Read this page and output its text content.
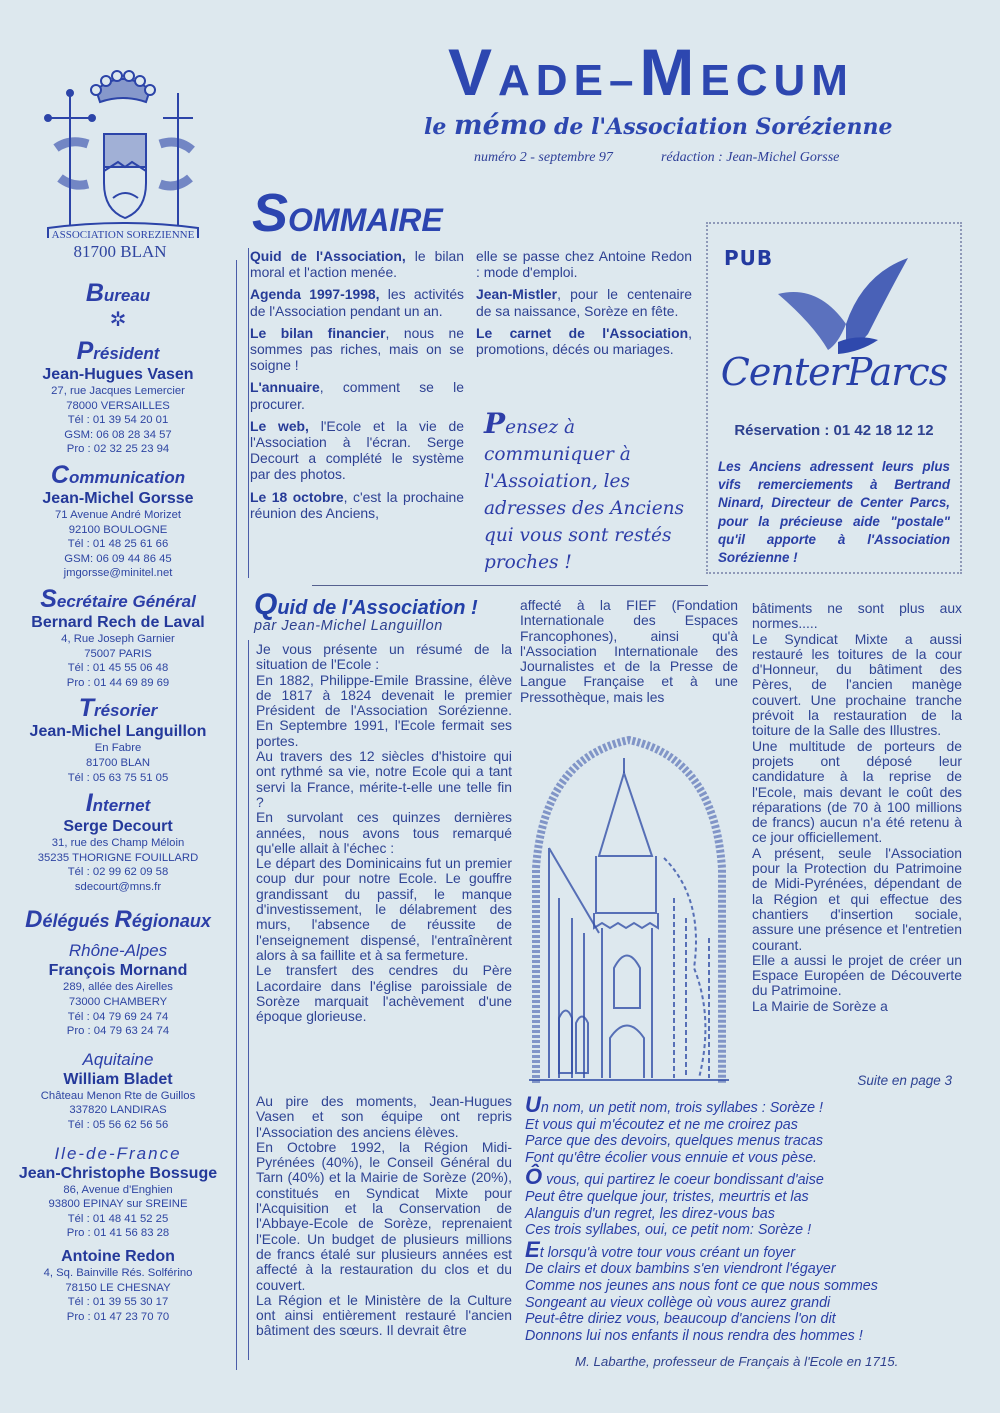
ASSOCIATION SOREZIENNE
81700 BLAN
Bureau
✲
Président
Jean-Hugues Vasen
27, rue Jacques Lemercier
78000 VERSAILLES
Tél : 01 39 54 20 01
GSM: 06 08 28 34 57
Pro : 02 32 25 23 94
Communication
Jean-Michel Gorsse
71 Avenue André Morizet
92100 BOULOGNE
Tél : 01 48 25 61 66
GSM: 06 09 44 86 45
jmgorsse@minitel.net
Secrétaire Général
Bernard Rech de Laval
4, Rue Joseph Garnier
75007 PARIS
Tél : 01 45 55 06 48
Pro : 01 44 69 89 69
Trésorier
Jean-Michel Languillon
En Fabre
81700 BLAN
Tél : 05 63 75 51 05
Internet
Serge Decourt
31, rue des Champ Méloin
35235 THORIGNE FOUILLARD
Tél : 02 99 62 09 58
sdecourt@mns.fr
Délégués Régionaux
Rhône-Alpes
François Mornand
289, allée des Airelles
73000 CHAMBERY
Tél : 04 79 69 24 74
Pro : 04 79 63 24 74
Aquitaine
William Bladet
Château Menon Rte de Guillos
337820 LANDIRAS
Tél : 05 56 62 56 56
Ile-de-France
Jean-Christophe Bossuge
86, Avenue d'Enghien
93800 EPINAY sur SREINE
Tél : 01 48 41 52 25
Pro : 01 41 56 83 28
Antoine Redon
4, Sq. Bainville Rés. Solférino
78150 LE CHESNAY
Tél : 01 39 55 30 17
Pro : 01 47 23 70 70
VADE–MECUM
le mémo de l'Association Sorézienne
numéro 2 - septembre 97	rédaction : Jean-Michel Gorsse
SOMMAIRE

Quid de l'Association, le bilan moral et l'action menée.

Agenda 1997-1998, les activités de l'Association pendant un an.

Le bilan financier, nous ne sommes pas riches, mais on se soigne !

L'annuaire, comment se le procurer.

Le web, l'Ecole et la vie de l'Association à l'écran. Serge Decourt a complété le système par des photos.

Le 18 octobre, c'est la prochaine réunion des Anciens,

elle se passe chez Antoine Redon : mode d'emploi.

Jean-Mistler, pour le centenaire de sa naissance, Sorèze en fête.

Le carnet de l'Association, promotions, décés ou mariages.

Pensez à communiquer à l'Assoiation, les adresses des Anciens qui vous sont restés proches !
PUB
CenterParcs
Réservation : 01 42 18 12 12
Les Anciens adressent leurs plus vifs remerciements à Bertrand Ninard, Directeur de Center Parcs, pour la précieuse aide "postale" qu'il apporte à l'Association Sorézienne !
Quid de l'Association !
par Jean-Michel Languillon

Je vous présente un résumé de la situation de l'Ecole :

En 1882, Philippe-Emile Brassine, élève de 1817 à 1824 devenait le premier Président de l'Association Sorézienne. En Septembre 1991, l'Ecole fermait ses portes.

Au travers des 12 siècles d'histoire qui ont rythmé sa vie, notre Ecole qui a tant servi la France, mérite-t-elle une telle fin ?

En survolant ces quinzes dernières années, nous avons tous remarqué qu'elle allait à l'échec :

Le départ des Dominicains fut un premier coup dur pour notre Ecole. Le gouffre grandissant du passif, le manque d'investissement, le délabrement des murs, l'absence de réussite de l'enseignement dispensé, l'entraînèrent alors à sa faillite et à sa fermeture.

Le transfert des cendres du Père Lacordaire dans l'église paroissiale de Sorèze marquait l'achèvement d'une époque glorieuse.

Au pire des moments, Jean-Hugues Vasen et son équipe ont repris l'Association des anciens élèves.

En Octobre 1992, la Région Midi-Pyrénées (40%), le Conseil Général du Tarn (40%) et la Mairie de Sorèze (20%), constitués en Syndicat Mixte pour l'Acquisition et la Conservation de l'Abbaye-Ecole de Sorèze, reprenaient l'Ecole. Un budget de plusieurs millions de francs étalé sur plusieurs années est affecté à la restauration du clos et du couvert.

La Région et le Ministère de la Culture ont ainsi entièrement restauré l'ancien bâtiment des sœurs. Il devrait être

affecté à la FIEF (Fondation Internationale des Espaces Francophones), ainsi qu'à l'Association Internationale des Journalistes et de la Presse de Langue Française et à une Pressothèque, mais les

bâtiments ne sont plus aux normes.....

Le Syndicat Mixte a aussi restauré les toitures de la cour d'Honneur, du bâtiment des Pères, de l'ancien manège couvert. Une prochaine tranche prévoit la restauration de la toiture de la Salle des Illustres.

Une multitude de porteurs de projets ont déposé leur candidature à la reprise de l'Ecole, mais devant le coût des réparations (de 70 à 100 millions de francs) aucun n'a été retenu à ce jour officiellement.

A présent, seule l'Association pour la Protection du Patrimoine de Midi-Pyrénées, dépendant de la Région et qui effectue des chantiers d'insertion sociale, assure une présence et l'entretien courant.

Elle a aussi le projet de créer un Espace Européen de Découverte du Patrimoine.

La Mairie de Sorèze a

Suite en page 3
Un nom, un petit nom, trois syllabes : Sorèze !
Et vous qui m'écoutez et ne me croirez pas
Parce que des devoirs, quelques menus tracas
Font qu'être écolier vous ennuie et vous pèse.
Ô vous, qui partirez le coeur bondissant d'aise
Peut être quelque jour, tristes, meurtris et las
Alanguis d'un regret, les direz-vous bas
Ces trois syllabes, oui, ce petit nom: Sorèze !
Et lorsqu'à votre tour vous créant un foyer
De clairs et doux bambins s'en viendront l'égayer
Comme nos jeunes ans nous font ce que nous sommes
Songeant au vieux collège où vous aurez grandi
Peut-être diriez vous, beaucoup d'anciens l'on dit
Donnons lui nos enfants il nous rendra des hommes !
M. Labarthe, professeur de Français à l'Ecole en 1715.
